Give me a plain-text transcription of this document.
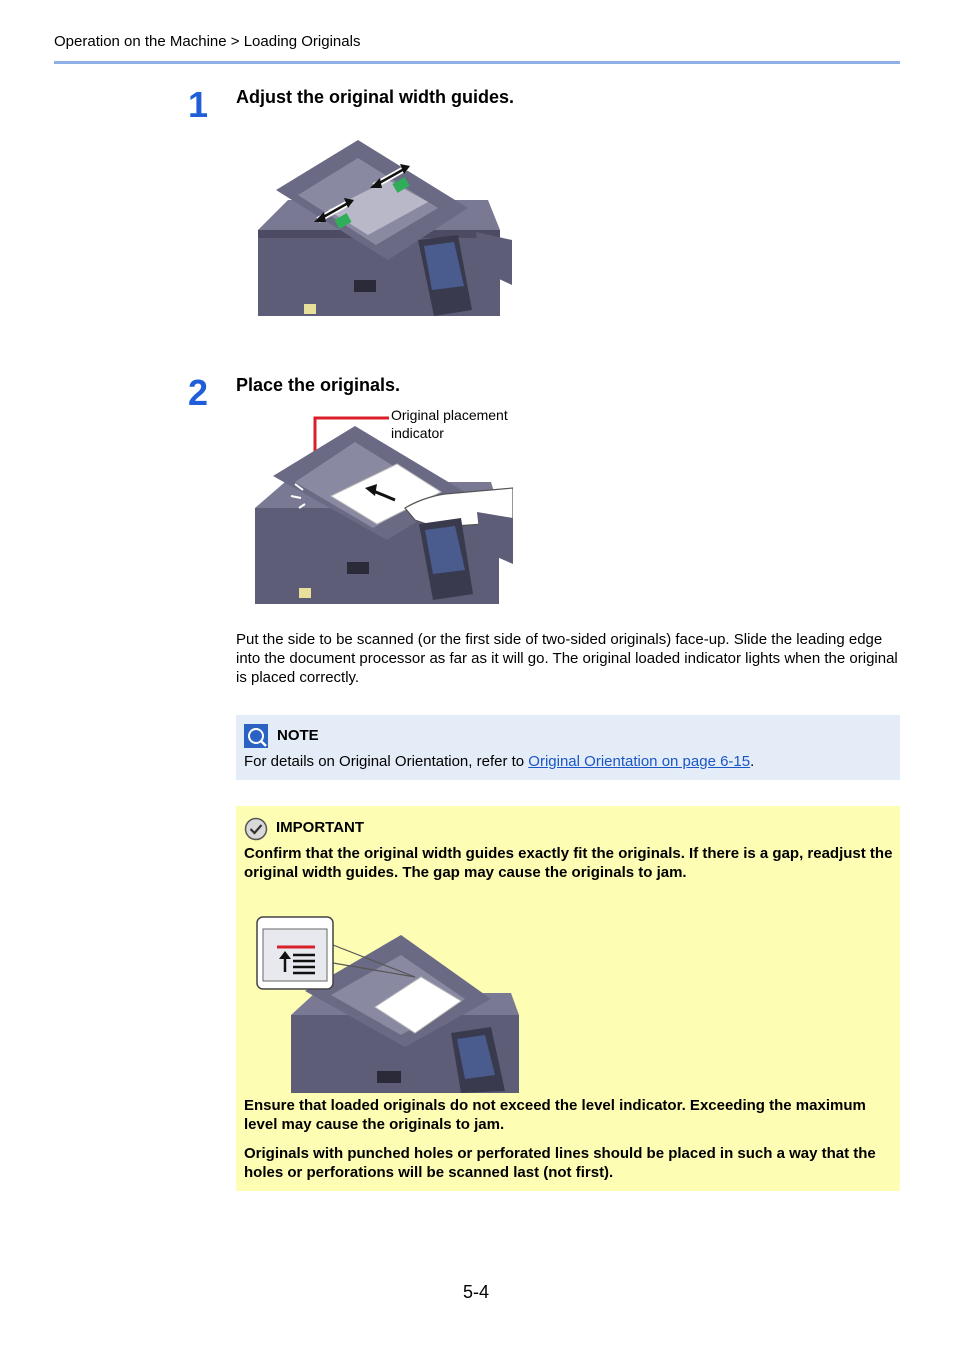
Operation on the Machine > Loading Originals
1 Adjust the original width guides.
2 Place the originals.
Original placement indicator
Put the side to be scanned (or the first side of two-sided originals) face-up. Slide the leading edge into the document processor as far as it will go. The original loaded indicator lights when the original is placed correctly.
NOTE
For details on Original Orientation, refer to Original Orientation on page 6-15.
IMPORTANT
Confirm that the original width guides exactly fit the originals. If there is a gap, readjust the original width guides. The gap may cause the originals to jam.
Ensure that loaded originals do not exceed the level indicator. Exceeding the maximum level may cause the originals to jam.
Originals with punched holes or perforated lines should be placed in such a way that the holes or perforations will be scanned last (not first).
5-4
